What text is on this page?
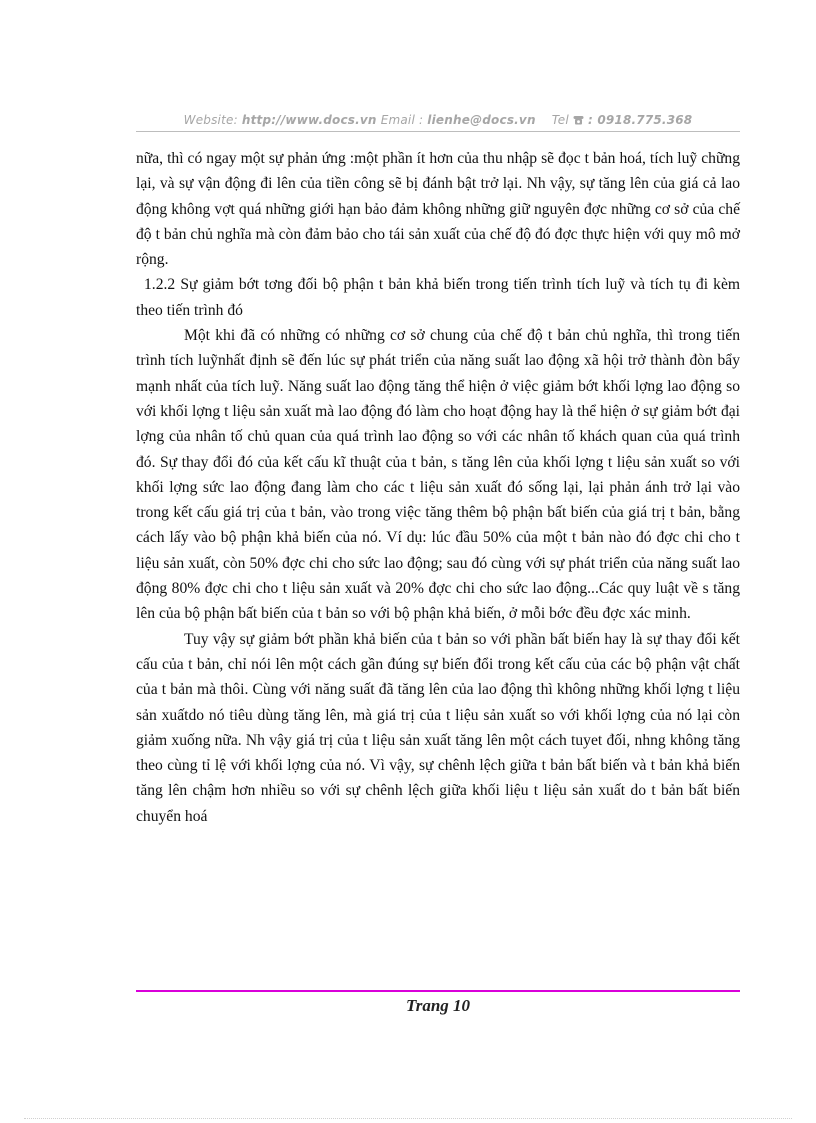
Website: http://www.docs.vn Email : lienhe@docs.vn Tel : 0918.775.368

nữa, thì có ngay một sự phản ứng :một phần ít hơn của thu nhập sẽ đọc t bản hoá, tích luỹ chững lại, và sự vận động đi lên của tiền công sẽ bị đánh bật trở lại. Nh vậy, sự tăng lên của giá cả lao động không vợt quá những giới hạn bảo đảm không những giữ nguyên đợc những cơ sở của chế độ t bản chủ nghĩa mà còn đảm bảo cho tái sản xuất của chế độ đó đợc thực hiện với quy mô mở rộng.

1.2.2 Sự giảm bớt tơng đối bộ phận t bản khả biến trong tiến trình tích luỹ và tích tụ đi kèm theo tiến trình đó

Một khi đã có những có những cơ sở chung của chế độ t bản chủ nghĩa, thì trong tiến trình tích luỹnhất định sẽ đến lúc sự phát triển của năng suất lao động xã hội trở thành đòn bẩy mạnh nhất của tích luỹ. Năng suất lao động tăng thể hiện ở việc giảm bớt khối lợng lao động so với khối lợng t liệu sản xuất mà lao động đó làm cho hoạt động hay là thể hiện ở sự giảm bớt đại lợng của nhân tố chủ quan của quá trình lao động so với các nhân tố khách quan của quá trình đó. Sự thay đổi đó của kết cấu kĩ thuật của t bản, s tăng lên của khối lợng t liệu sản xuất so với khối lợng sức lao động đang làm cho các t liệu sản xuất đó sống lại, lại phản ánh trở lại vào trong kết cấu giá trị của t bản, vào trong việc tăng thêm bộ phận bất biến của giá trị t bản, bằng cách lấy vào bộ phận khả biến của nó. Ví dụ: lúc đầu 50% của một t bản nào đó đợc chi cho t liệu sản xuất, còn 50% đợc chi cho sức lao động; sau đó cùng với sự phát triển của năng suất lao động 80% đợc chi cho t liệu sản xuất và 20% đợc chi cho sức lao động...Các quy luật về s tăng lên của bộ phận bất biến của t bản so với bộ phận khả biến, ở mỗi bớc đều đợc xác minh.

Tuy vậy sự giảm bớt phần khả biến của t bản so với phần bất biến hay là sự thay đổi kết cấu của t bản, chỉ nói lên một cách gần đúng sự biến đổi trong kết cấu của các bộ phận vật chất của t bản mà thôi. Cùng với năng suất đã tăng lên của lao động thì không những khối lợng t liệu sản xuấtdo nó tiêu dùng tăng lên, mà giá trị của t liệu sản xuất so với khối lợng của nó lại còn giảm xuống nữa. Nh vậy giá trị của t liệu sản xuất tăng lên một cách tuyet đối, nhng không tăng theo cùng tỉ lệ với khối lợng của nó. Vì vậy, sự chênh lệch giữa t bản bất biến và t bản khả biến tăng lên chậm hơn nhiều so với sự chênh lệch giữa khối liệu t liệu sản xuất do t bản bất biến chuyển hoá

Trang 10
